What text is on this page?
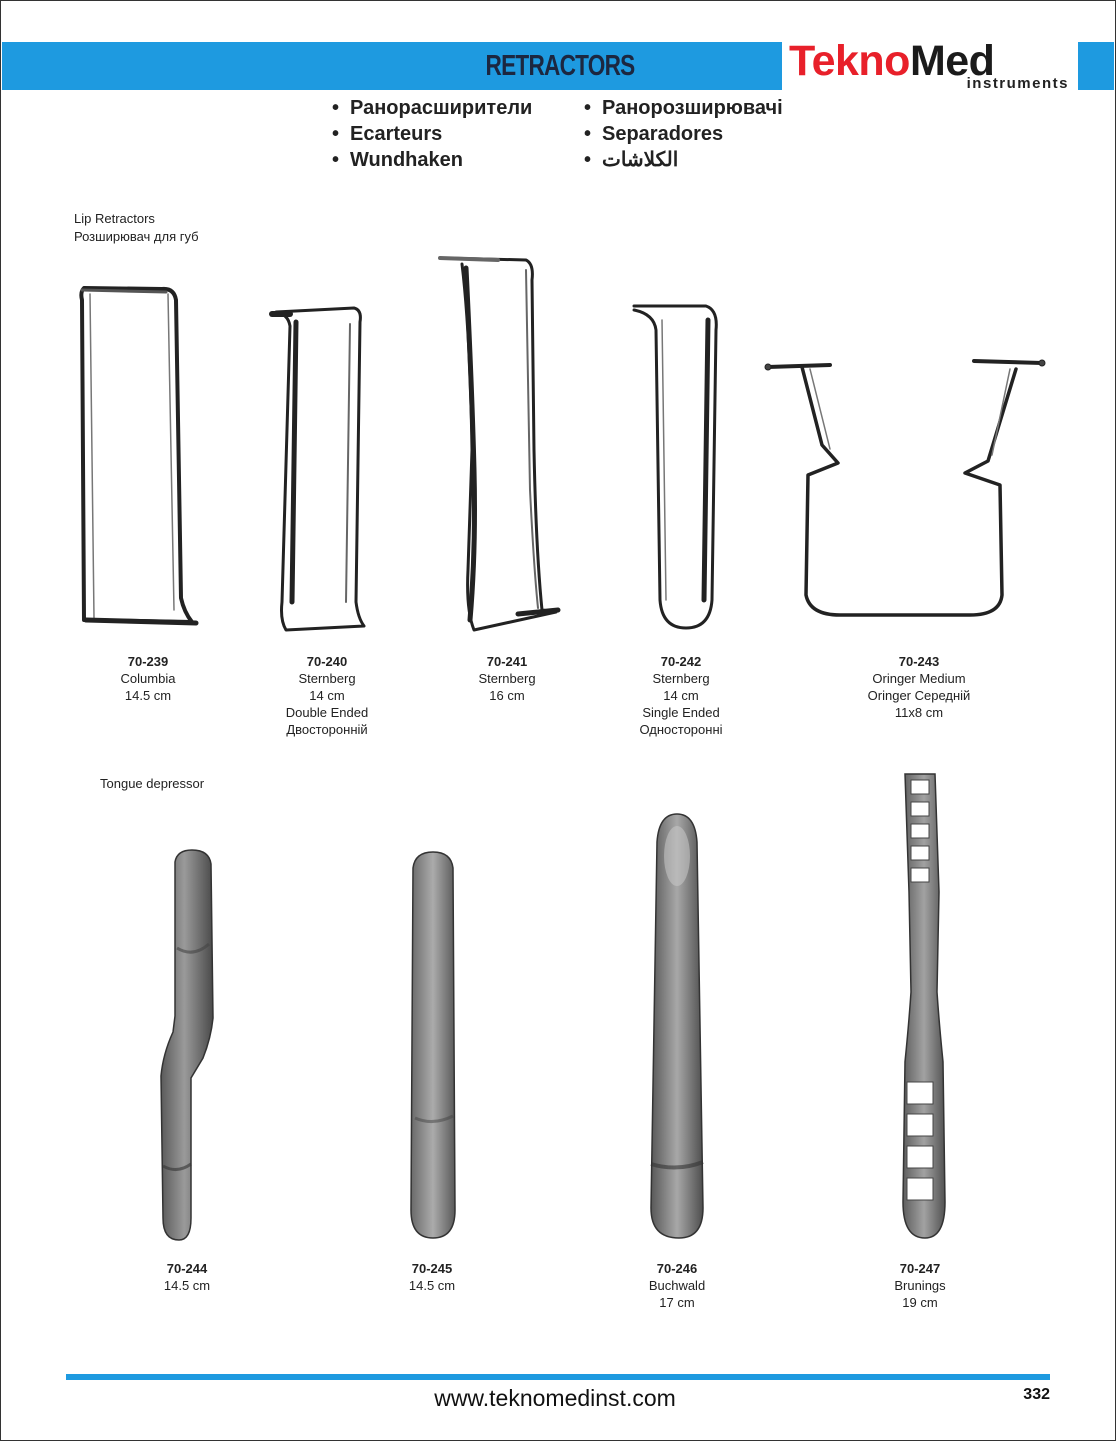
RETRACTORS	TeknoMed
instruments
• Ранорасширители
• Ecarteurs
• Wundhaken
• Ранорозширювачі
• Separadores
• الكلاشات
Lip Retractors
Розширювач для губ
Tongue depressor
70-239
Columbia
14.5 cm
70-240
Sternberg
14 cm
Double Ended
Двосторонній
70-241
Sternberg
16 cm
70-242
Sternberg
14 cm
Single Ended
Односторонні
70-243
Oringer Medium
Oringer Середній
11x8 cm
70-244
14.5 cm
70-245
14.5 cm
70-246
Buchwald
17 cm
70-247
Brunings
19 cm
www.teknomedinst.com	332
